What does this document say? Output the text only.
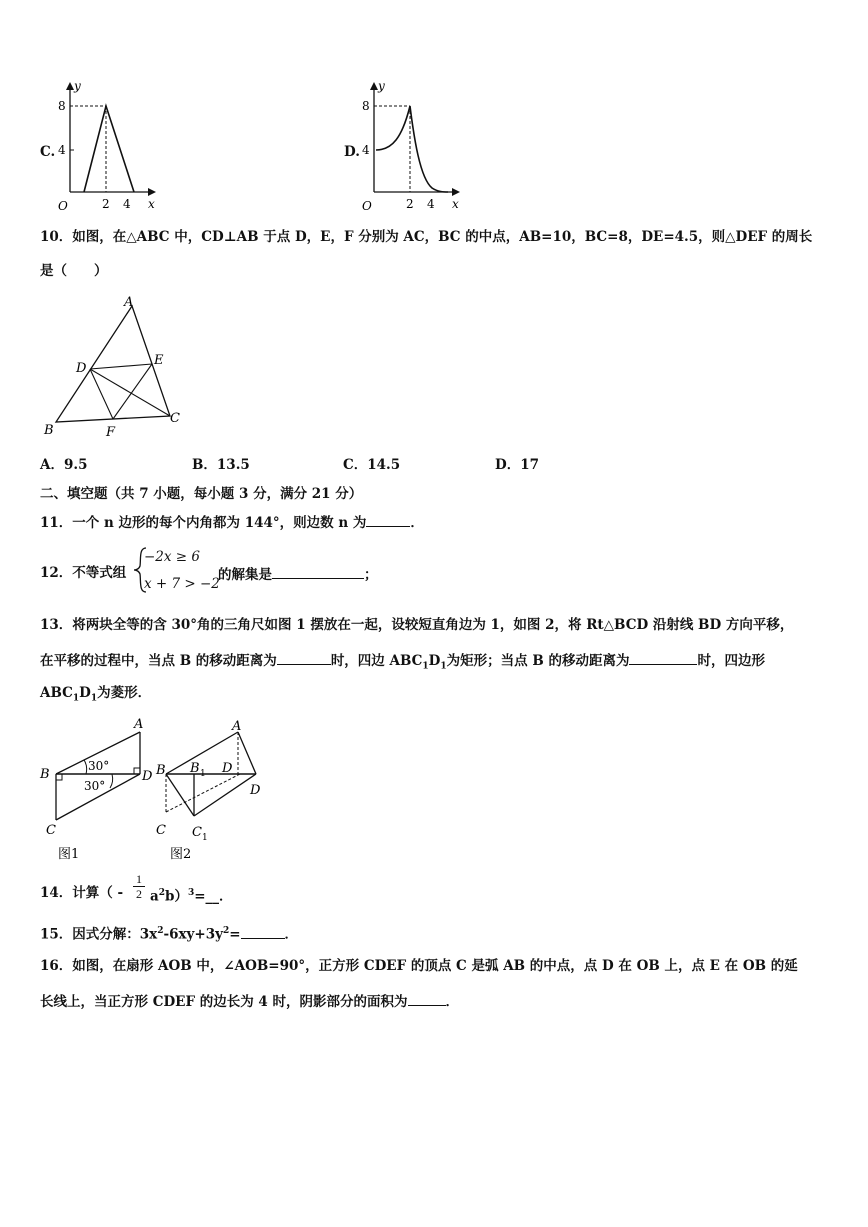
C.
y
x
O
8
4
2 4
D.
y
x
O
8
4
2 4
10．如图，在△ABC 中，CD⊥AB 于点 D，E，F 分别为 AC，BC 的中点，AB=10，BC=8，DE=4.5，则△DEF 的周长
是（　　）
A
D
E
B
C
F
A．9.5	B．13.5	C．14.5	D．17
二、填空题（共 7 小题，每小题 3 分，满分 21 分）
11．一个 n 边形的每个内角都为 144°，则边数 n 为	．
12．不等式组
−2x ≥ 6
x + 7 > −2
的解集是	；
13．将两块全等的含 30°角的三角尺如图 1 摆放在一起，设较短直角边为 1，如图 2，将 Rt△BCD 沿射线 BD 方向平移，
在平移的过程中，当点 B 的移动距离为	时，四边 $ABC_1D_1$为矩形；当点 B 的移动距离为	时，四边形
$ABC_1D_1$为菱形．
A
B	D
C
30°
30°
图1
A
B B 1 D
D
C C 1
图2
14．计算（ - $\frac{1}{2}$ $a^2b)^3=\_\_$．
15．因式分解：$3x^2-6xy+3y^2=$	．
16．如图，在扇形 AOB 中，∠AOB=90°，正方形 CDEF 的顶点 C 是弧 AB 的中点，点 D 在 OB 上，点 E 在 OB 的延
长线上，当正方形 CDEF 的边长为 4 时，阴影部分的面积为	．
